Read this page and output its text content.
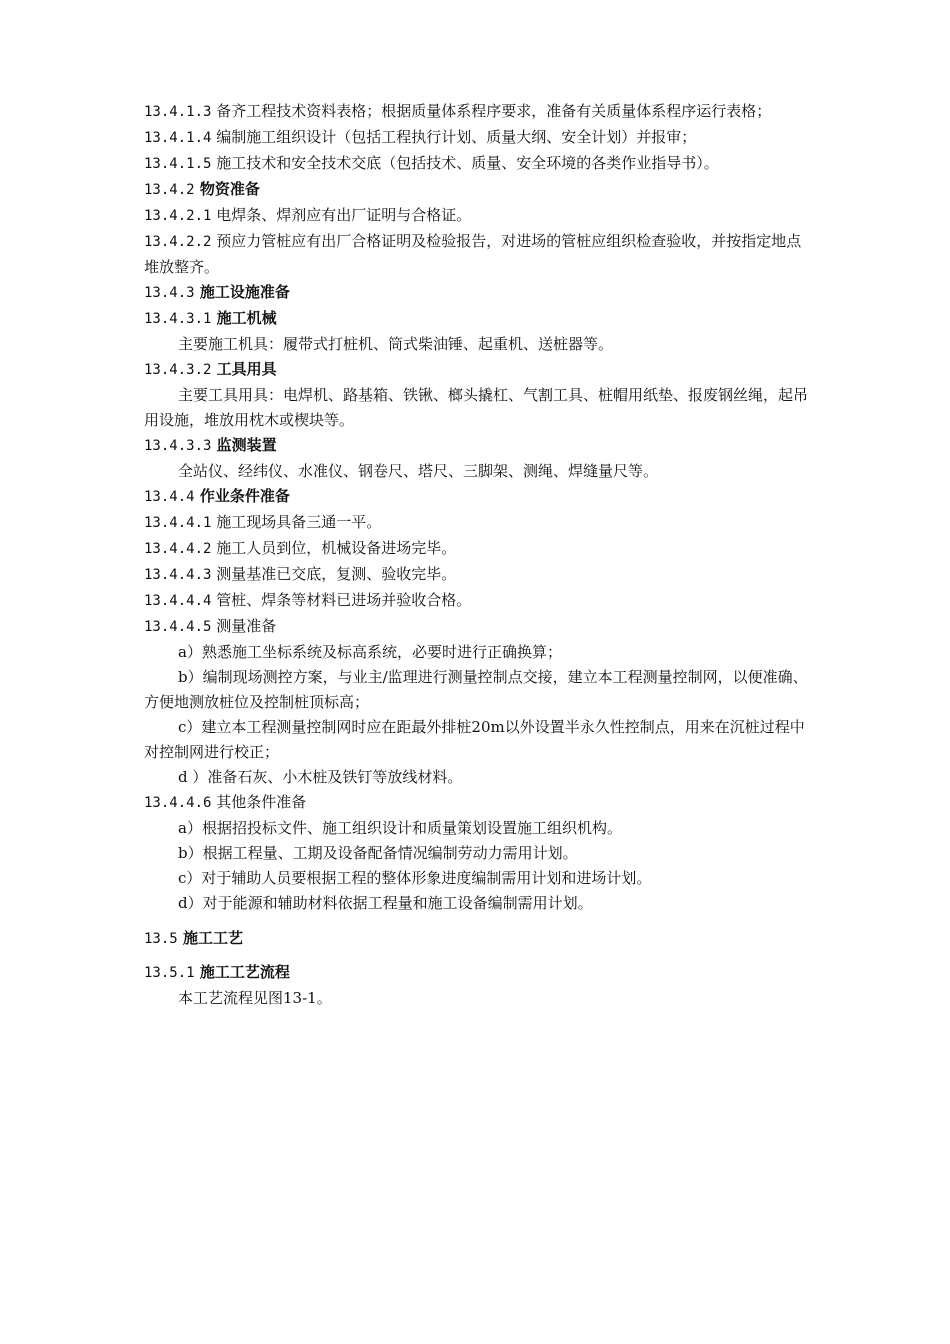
13.4.1.3 备齐工程技术资料表格；根据质量体系程序要求，准备有关质量体系程序运行表格；
13.4.1.4 编制施工组织设计（包括工程执行计划、质量大纲、安全计划）并报审；
13.4.1.5 施工技术和安全技术交底（包括技术、质量、安全环境的各类作业指导书）。
13.4.2 物资准备
13.4.2.1 电焊条、焊剂应有出厂证明与合格证。
13.4.2.2 预应力管桩应有出厂合格证明及检验报告，对进场的管桩应组织检查验收，并按指定地点堆放整齐。
13.4.3 施工设施准备
13.4.3.1 施工机械
主要施工机具：履带式打桩机、筒式柴油锤、起重机、送桩器等。
13.4.3.2 工具用具
主要工具用具：电焊机、路基箱、铁锹、榔头撬杠、气割工具、桩帽用纸垫、报废钢丝绳，起吊用设施，堆放用枕木或楔块等。
13.4.3.3 监测装置
全站仪、经纬仪、水准仪、钢卷尺、塔尺、三脚架、测绳、焊缝量尺等。
13.4.4 作业条件准备
13.4.4.1 施工现场具备三通一平。
13.4.4.2 施工人员到位，机械设备进场完毕。
13.4.4.3 测量基准已交底，复测、验收完毕。
13.4.4.4 管桩、焊条等材料已进场并验收合格。
13.4.4.5 测量准备
a）熟悉施工坐标系统及标高系统，必要时进行正确换算；
b）编制现场测控方案，与业主/监理进行测量控制点交接，建立本工程测量控制网，以便准确、方便地测放桩位及控制桩顶标高；
c）建立本工程测量控制网时应在距最外排桩20m以外设置半永久性控制点，用来在沉桩过程中对控制网进行校正；
d ）准备石灰、小木桩及铁钉等放线材料。
13.4.4.6 其他条件准备
a）根据招投标文件、施工组织设计和质量策划设置施工组织机构。
b）根据工程量、工期及设备配备情况编制劳动力需用计划。
c）对于辅助人员要根据工程的整体形象进度编制需用计划和进场计划。
d）对于能源和辅助材料依据工程量和施工设备编制需用计划。
13.5 施工工艺
13.5.1 施工工艺流程
本工艺流程见图13-1。
